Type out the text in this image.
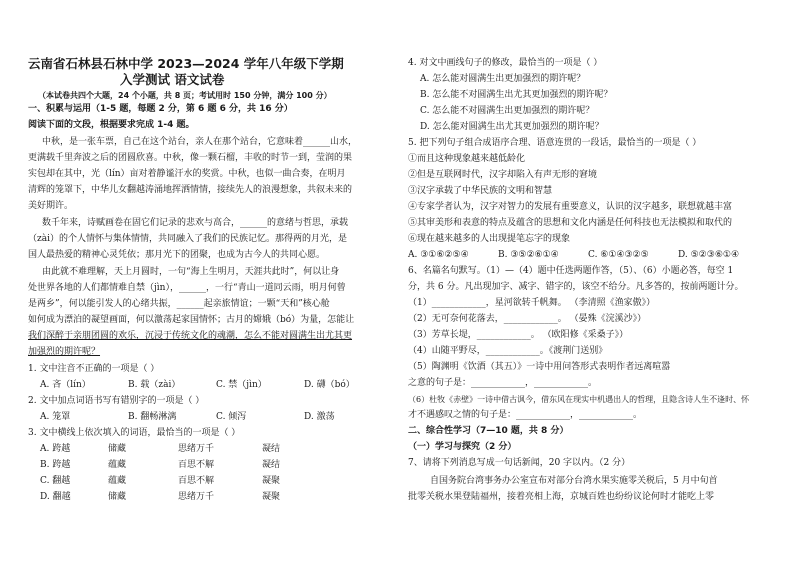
云南省石林县石林中学 2023—2024 学年八年级下学期
入学测试 语文试卷
（本试卷共四个大题，24 个小题，共 8 页；考试用时 150 分钟，满分 100 分）
一、积累与运用（1-5 题，每题 2 分，第 6 题 6 分，共 16 分）
阅读下面的文段，根据要求完成 1-4 题。
中秋，是一张车票，自己在这个站台，亲人在那个站台，它意味着______山水，
更满载千里奔波之后的团圆欣喜。中秋，像一颗石榴，丰收的时节一到，莹润的果
实包却在其中，光（lín）亩对着静谧汗水的奖赏。中秋，也似一曲合奏，在明月
清辉的笼罩下，中华儿女翻越涛涌地挥洒情情，接续先人的浪漫想象，共叙未来的
美好期许。
数千年来，诗赋画卷在固它们记录的悲欢与高合，______的意绪与哲思，承载
（zài）的个人情怀与集体情情，共同融入了我们的民族记忆。那得两的月光，是
国人最热爱的精神心灵凭依；那月光下的团聚，也成为古今人的共同心愿。
由此就不难理解，天上月圆时，一句“海上生明月，天涯共此时”，何以让身
处世界各地的人们都情难自禁（jìn），______，一行“青山一道同云雨，明月何曾
是两乡”，何以能引发人的心绪共振，______起亲旅情谊；一颗“天和”核心舱
如何成为漂泊的凝望画面，何以激荡起家国情怀；古月的嫦娥（bó）为量，怎能让
我们深醉于亲朋团圆的欢乐，沉浸于传统文化的魂潮，怎么不能对圆满生出尤其更
加强烈的期许呢？
1. 文中注音不正确的一项是（ ）
A. 吝（lín）	B. 载（zài）	C. 禁（jìn）	D. 礴（bó）
2. 文中加点词语书写有错别字的一项是（ ）
A. 笼罩	B. 翻畅淋漓	C. 倾泻	D. 激荡
3. 文中横线上依次填入的词语，最恰当的一项是（ ）
A. 跨越	储藏	思绪万千	凝结
B. 跨越	蕴藏	百思不解	凝结
C. 翻越	蕴藏	百思不解	凝聚
D. 翻越	储藏	思绪万千	凝聚
4. 对文中画线句子的修改，最恰当的一项是（ ）
A. 怎么能对圆满生出更加强烈的期许呢？
B. 怎么能不对圆满生出尤其更加强烈的期许呢？
C. 怎么能不对圆满生出更加强烈的期许呢？
D. 怎么能对圆满生出尤其更加强烈的期许呢？
5. 把下列句子组合成语序合理、语意连贯的一段话，最恰当的一项是（ ）
①而且这种现象越来越低龄化
②但是互联网时代，汉字却陷入有声无形的窘境
③汉字承载了中华民族的文明和智慧
④专家学者认为，汉字对智力的发展有重要意义，认识的汉字越多，联想就越丰富
⑤其审美形和表意的特点及蕴含的思想和文化内涵是任何科技也无法模拟和取代的
⑥现在越来越多的人出现提笔忘字的现象
A. ③①⑥②⑤④	B. ③⑤②⑥①④	C. ⑥①④③②⑤	D. ⑤②③⑥①④
6、名篇名句默写。（1）—（4）题中任选两题作答，（5）、（6）小题必答，每空 1
分，共 6 分。凡出现加字、减字、错字的，该空不给分。凡多答的，按前两题计分。
（1）____________，星河欲转千帆舞。 （李清照《渔家傲》）
（2）无可奈何花落去，____________。 （晏殊《浣溪沙》）
（3）芳草长堤，____________。 （欧阳修《采桑子》）
（4）山随平野尽，____________。《渡荆门送别》
（5）陶渊明《饮酒（其五）》一诗中用问答形式表明作者远离喧嚣
之意的句子是：____________，____________。
（6）杜牧《赤壁》一诗中借古讽今，借东风在现实中机遇出人的哲理，且隐含诗人生不逢时、怀
才不遇感叹之情的句子是：____________，____________。
二、综合性学习（7—10 题，共 8 分）
（一）学习与探究（2 分）
7、请将下列消息写成一句话新闻，20 字以内。（2 分）
自国务院台湾事务办公室宣布对部分台湾水果实施零关税后，5 月中旬首
批零关税水果登陆福州，接着亮相上海，京城百姓也纷纷议论何时才能吃上零
